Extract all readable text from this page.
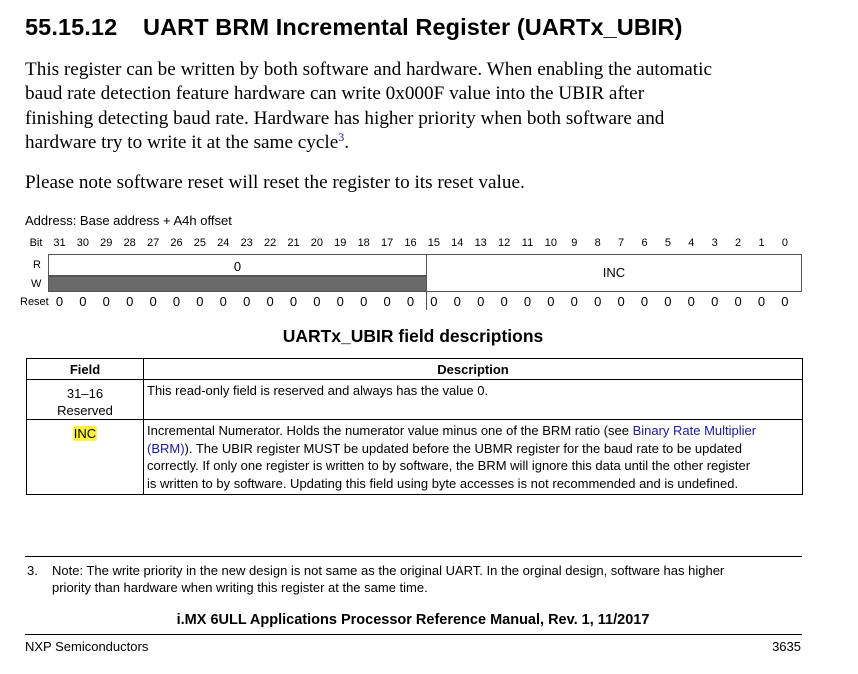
55.15.12 UART BRM Incremental Register (UARTx_UBIR)
This register can be written by both software and hardware. When enabling the automatic
baud rate detection feature hardware can write 0x000F value into the UBIR after
finishing detecting baud rate. Hardware has higher priority when both software and
hardware try to write it at the same cycle$^3$.
Please note software reset will reset the register to its reset value.
Address: Base address + A4h offset
Bit 31 30 29 28 27 26 25 24 23 22 21 20 19 18 17 16 15 14 13 12 11 10 9 8 7 6 5 4 3 2 1 0
R
W
0	INC
Reset 0 0 0 0 0 0 0 0 0 0 0 0 0 0 0 0 0 0 0 0 0 0 0 0 0 0 0 0 0 0 0 0
UARTx_UBIR field descriptions
Field	Description

31–16
Reserved	This read-only field is reserved and always has the value 0.
INC	Incremental Numerator. Holds the numerator value minus one of the BRM ratio (see Binary Rate Multiplier
(BRM)). The UBIR register MUST be updated before the UBMR register for the baud rate to be updated
correctly. If only one register is written to by software, the BRM will ignore this data until the other register
is written to by software. Updating this field using byte accesses is not recommended and is undefined.
3. Note: The write priority in the new design is not same as the original UART. In the orginal design, software has higher
priority than hardware when writing this register at the same time.
i.MX 6ULL Applications Processor Reference Manual, Rev. 1, 11/2017
NXP Semiconductors	3635
